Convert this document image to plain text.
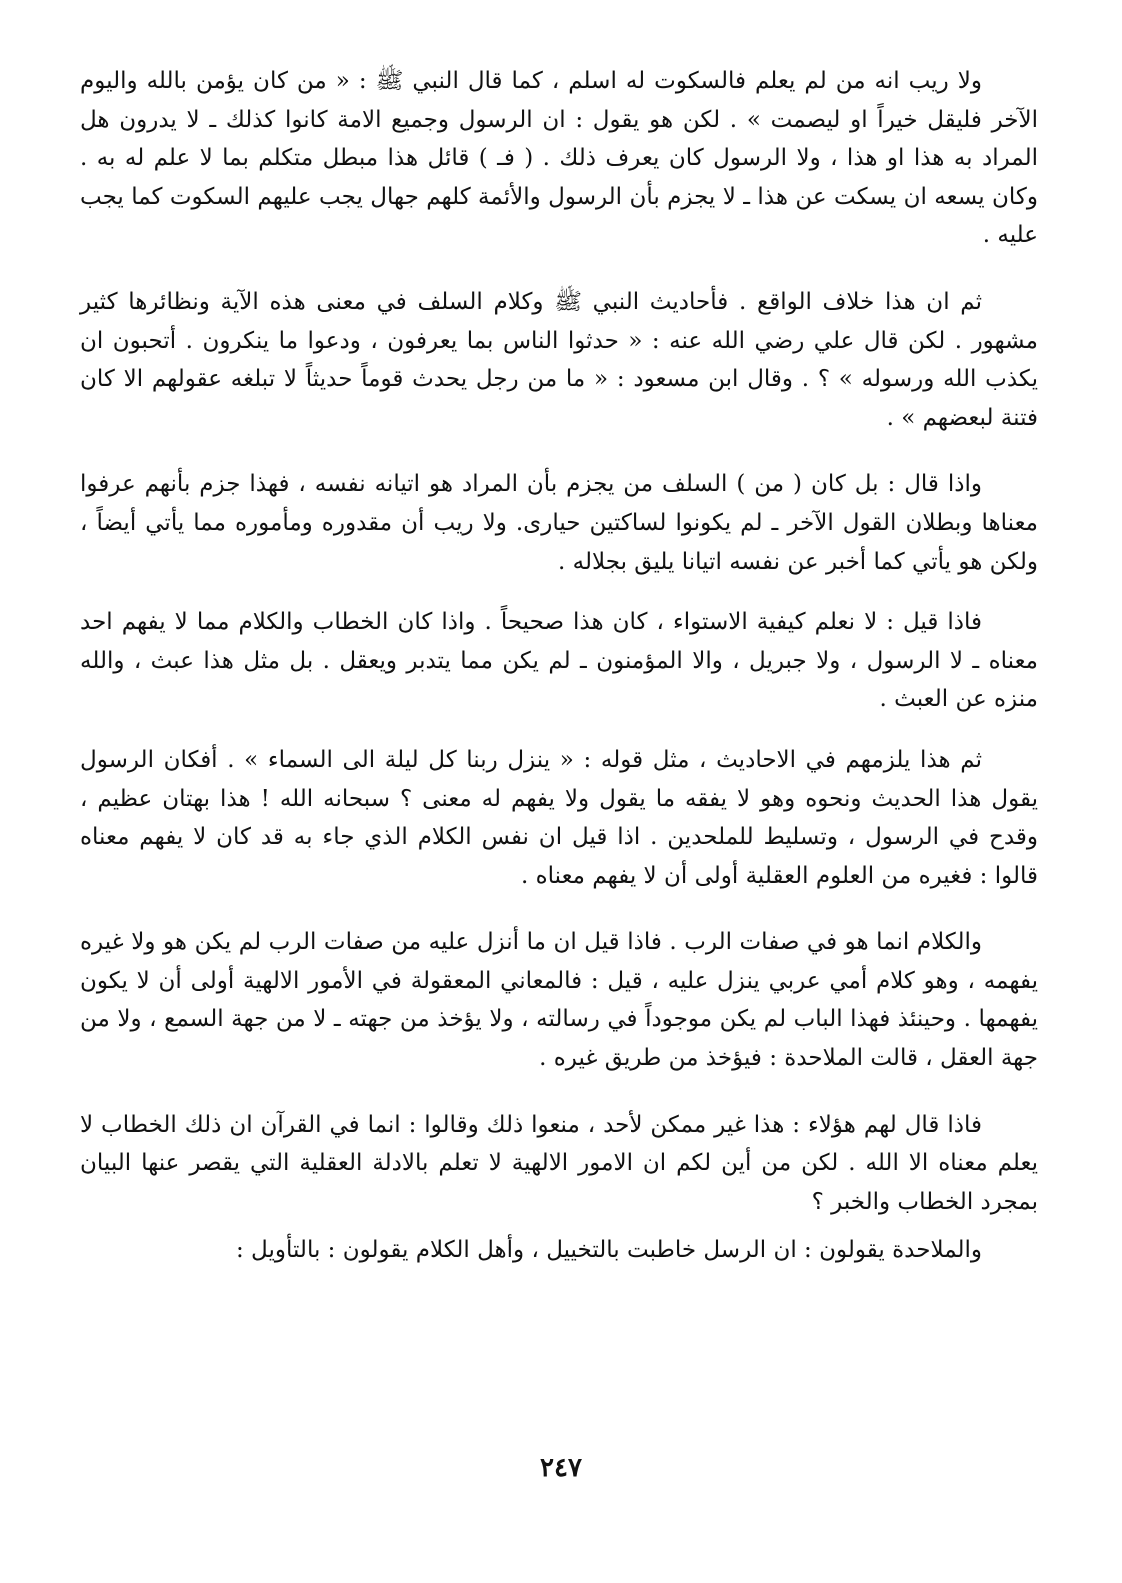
ولا ريب انه من لم يعلم فالسكوت له اسلم ، كما قال النبي ﷺ : « من كان يؤمن بالله واليوم الآخر فليقل خيراً او ليصمت » . لكن هو يقول : ان الرسول وجميع الامة كانوا كذلك ـ لا يدرون هل المراد به هذا او هذا ، ولا الرسول كان يعرف ذلك . ( فـ ) قائل هذا مبطل متكلم بما لا علم له به . وكان يسعه ان يسكت عن هذا ـ لا يجزم بأن الرسول والأئمة كلهم جهال يجب عليهم السكوت كما يجب عليه .

ثم ان هذا خلاف الواقع . فأحاديث النبي ﷺ وكلام السلف في معنى هذه الآية ونظائرها كثير مشهور . لكن قال علي رضي الله عنه : « حدثوا الناس بما يعرفون ، ودعوا ما ينكرون . أتحبون ان يكذب الله ورسوله » ؟ . وقال ابن مسعود : « ما من رجل يحدث قوماً حديثاً لا تبلغه عقولهم الا كان فتنة لبعضهم » .

واذا قال : بل كان ( من ) السلف من يجزم بأن المراد هو اتيانه نفسه ، فهذا جزم بأنهم عرفوا معناها وبطلان القول الآخر ـ لم يكونوا لساكتين حيارى. ولا ريب أن مقدوره ومأموره مما يأتي أيضاً ، ولكن هو يأتي كما أخبر عن نفسه اتيانا يليق بجلاله .

فاذا قيل : لا نعلم كيفية الاستواء ، كان هذا صحيحاً . واذا كان الخطاب والكلام مما لا يفهم احد معناه ـ لا الرسول ، ولا جبريل ، والا المؤمنون ـ لم يكن مما يتدبر ويعقل . بل مثل هذا عبث ، والله منزه عن العبث .

ثم هذا يلزمهم في الاحاديث ، مثل قوله : « ينزل ربنا كل ليلة الى السماء » . أفكان الرسول يقول هذا الحديث ونحوه وهو لا يفقه ما يقول ولا يفهم له معنى ؟ سبحانه الله ! هذا بهتان عظيم ، وقدح في الرسول ، وتسليط للملحدين . اذا قيل ان نفس الكلام الذي جاء به قد كان لا يفهم معناه قالوا : فغيره من العلوم العقلية أولى أن لا يفهم معناه .

والكلام انما هو في صفات الرب . فاذا قيل ان ما أنزل عليه من صفات الرب لم يكن هو ولا غيره يفهمه ، وهو كلام أمي عربي ينزل عليه ، قيل : فالمعاني المعقولة في الأمور الالهية أولى أن لا يكون يفهمها . وحينئذ فهذا الباب لم يكن موجوداً في رسالته ، ولا يؤخذ من جهته ـ لا من جهة السمع ، ولا من جهة العقل ، قالت الملاحدة : فيؤخذ من طريق غيره .

فاذا قال لهم هؤلاء : هذا غير ممكن لأحد ، منعوا ذلك وقالوا : انما في القرآن ان ذلك الخطاب لا يعلم معناه الا الله . لكن من أين لكم ان الامور الالهية لا تعلم بالادلة العقلية التي يقصر عنها البيان بمجرد الخطاب والخبر ؟

والملاحدة يقولون : ان الرسل خاطبت بالتخييل ، وأهل الكلام يقولون : بالتأويل :

٢٤٧
